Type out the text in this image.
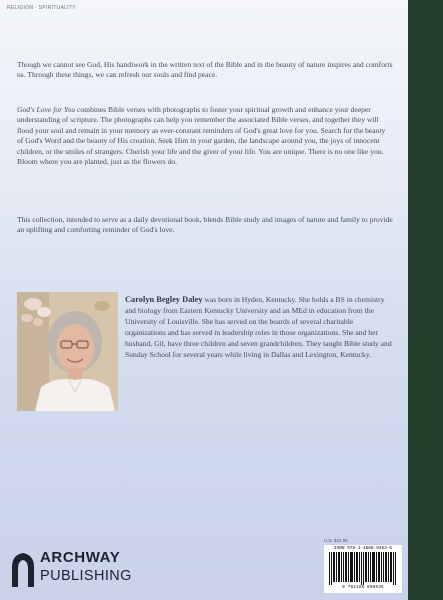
RELIGION · SPIRITUALITY

Though we cannot see God, His handiwork in the written text of the Bible and in the beauty of nature inspires and comforts us. Through these things, we can refresh our souls and find peace.

God's Love for You combines Bible verses with photographs to foster your spiritual growth and enhance your deeper understanding of scripture. The photographs can help you remember the associated Bible verses, and together they will flood your soul and remain in your memory as ever-constant reminders of God's great love for you. Search for the beauty of God's Word and the beauty of His creation. Seek Him in your garden, the landscape around you, the joys of innocent children, or the smiles of strangers. Cherish your life and the giver of your life. You are unique. There is no one like you. Bloom where you are planted, just as the flowers do.

This collection, intended to serve as a daily devotional book, blends Bible study and images of nature and family to provide an uplifting and comforting reminder of God's love.

Carolyn Begley Daley was born in Hyden, Kentucky. She holds a BS in chemistry and biology from Eastern Kentucky University and an MEd in education from the University of Louisville. She has served on the boards of several charitable organizations and has served in leadership roles in those organizations. She and her husband, Gil, have three children and seven grandchildren. They taught Bible study and Sunday School for several years while living in Dallas and Lexington, Kentucky.

U.S. $42.95
ISBN 978-1-4808-9453-6
9 781480 896536
ARCHWAY
PUBLISHING
